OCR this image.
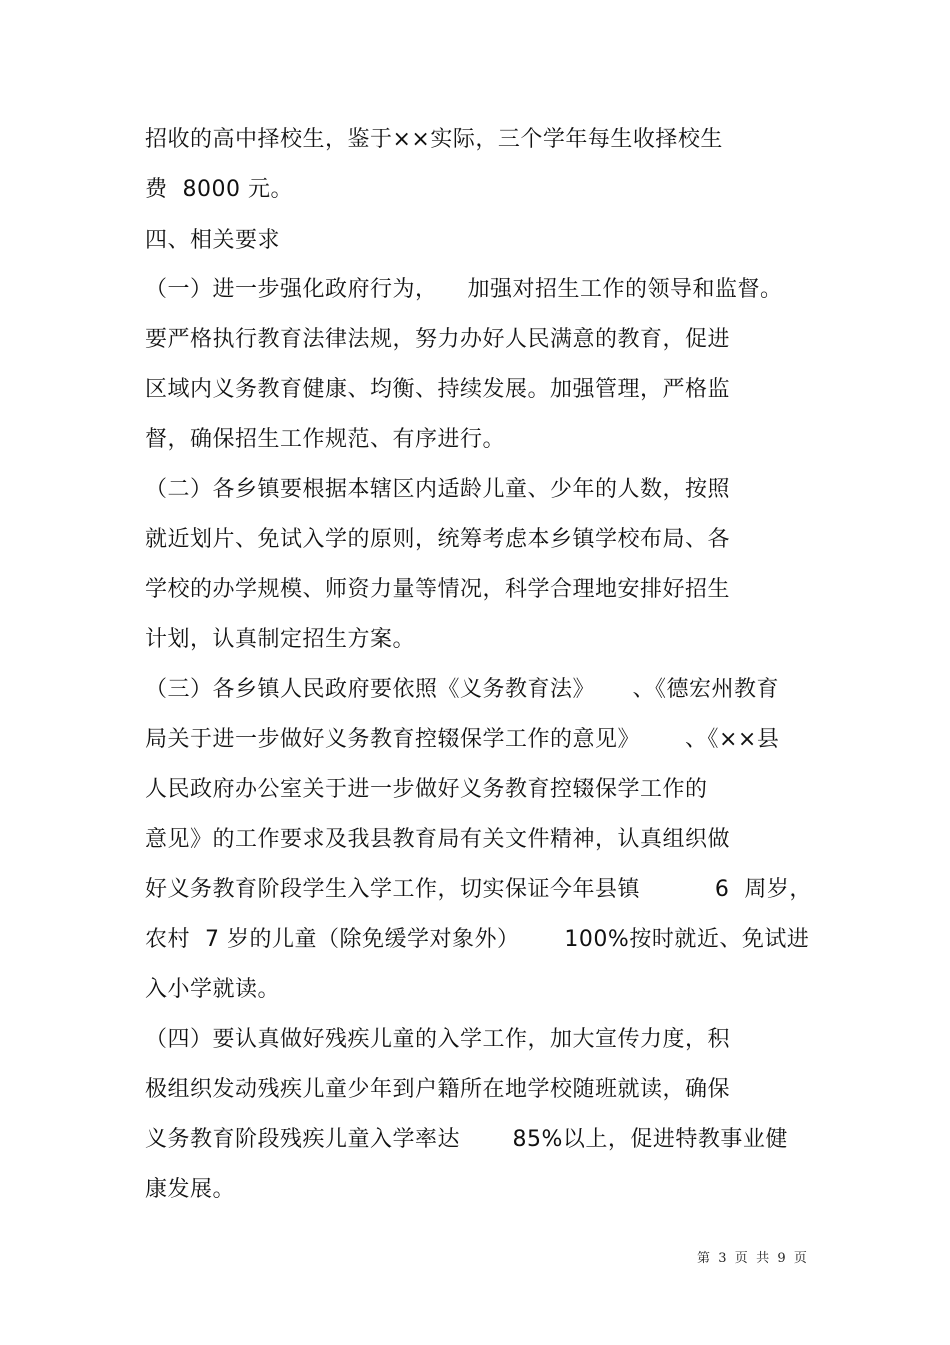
招收的高中择校生，鉴于××实际，三个学年每生收择校生
费  8000 元。
四、相关要求
（一）进一步强化政府行为，    加强对招生工作的领导和监督。
要严格执行教育法律法规，努力办好人民满意的教育，促进
区域内义务教育健康、均衡、持续发展。加强管理，严格监
督，确保招生工作规范、有序进行。
（二）各乡镇要根据本辖区内适龄儿童、少年的人数，按照
就近划片、免试入学的原则，统筹考虑本乡镇学校布局、各
学校的办学规模、师资力量等情况，科学合理地安排好招生
计划，认真制定招生方案。
（三）各乡镇人民政府要依照《义务教育法》     、《德宏州教育
局关于进一步做好义务教育控辍保学工作的意见》      、《××县
人民政府办公室关于进一步做好义务教育控辍保学工作的
意见》的工作要求及我县教育局有关文件精神，认真组织做
好义务教育阶段学生入学工作，切实保证今年县镇          6  周岁，
农村  7 岁的儿童（除免缓学对象外）      100%按时就近、免试进
入小学就读。
（四）要认真做好残疾儿童的入学工作，加大宣传力度，积
极组织发动残疾儿童少年到户籍所在地学校随班就读，确保
义务教育阶段残疾儿童入学率达       85%以上，促进特教事业健
康发展。
第  3  页  共  9  页
